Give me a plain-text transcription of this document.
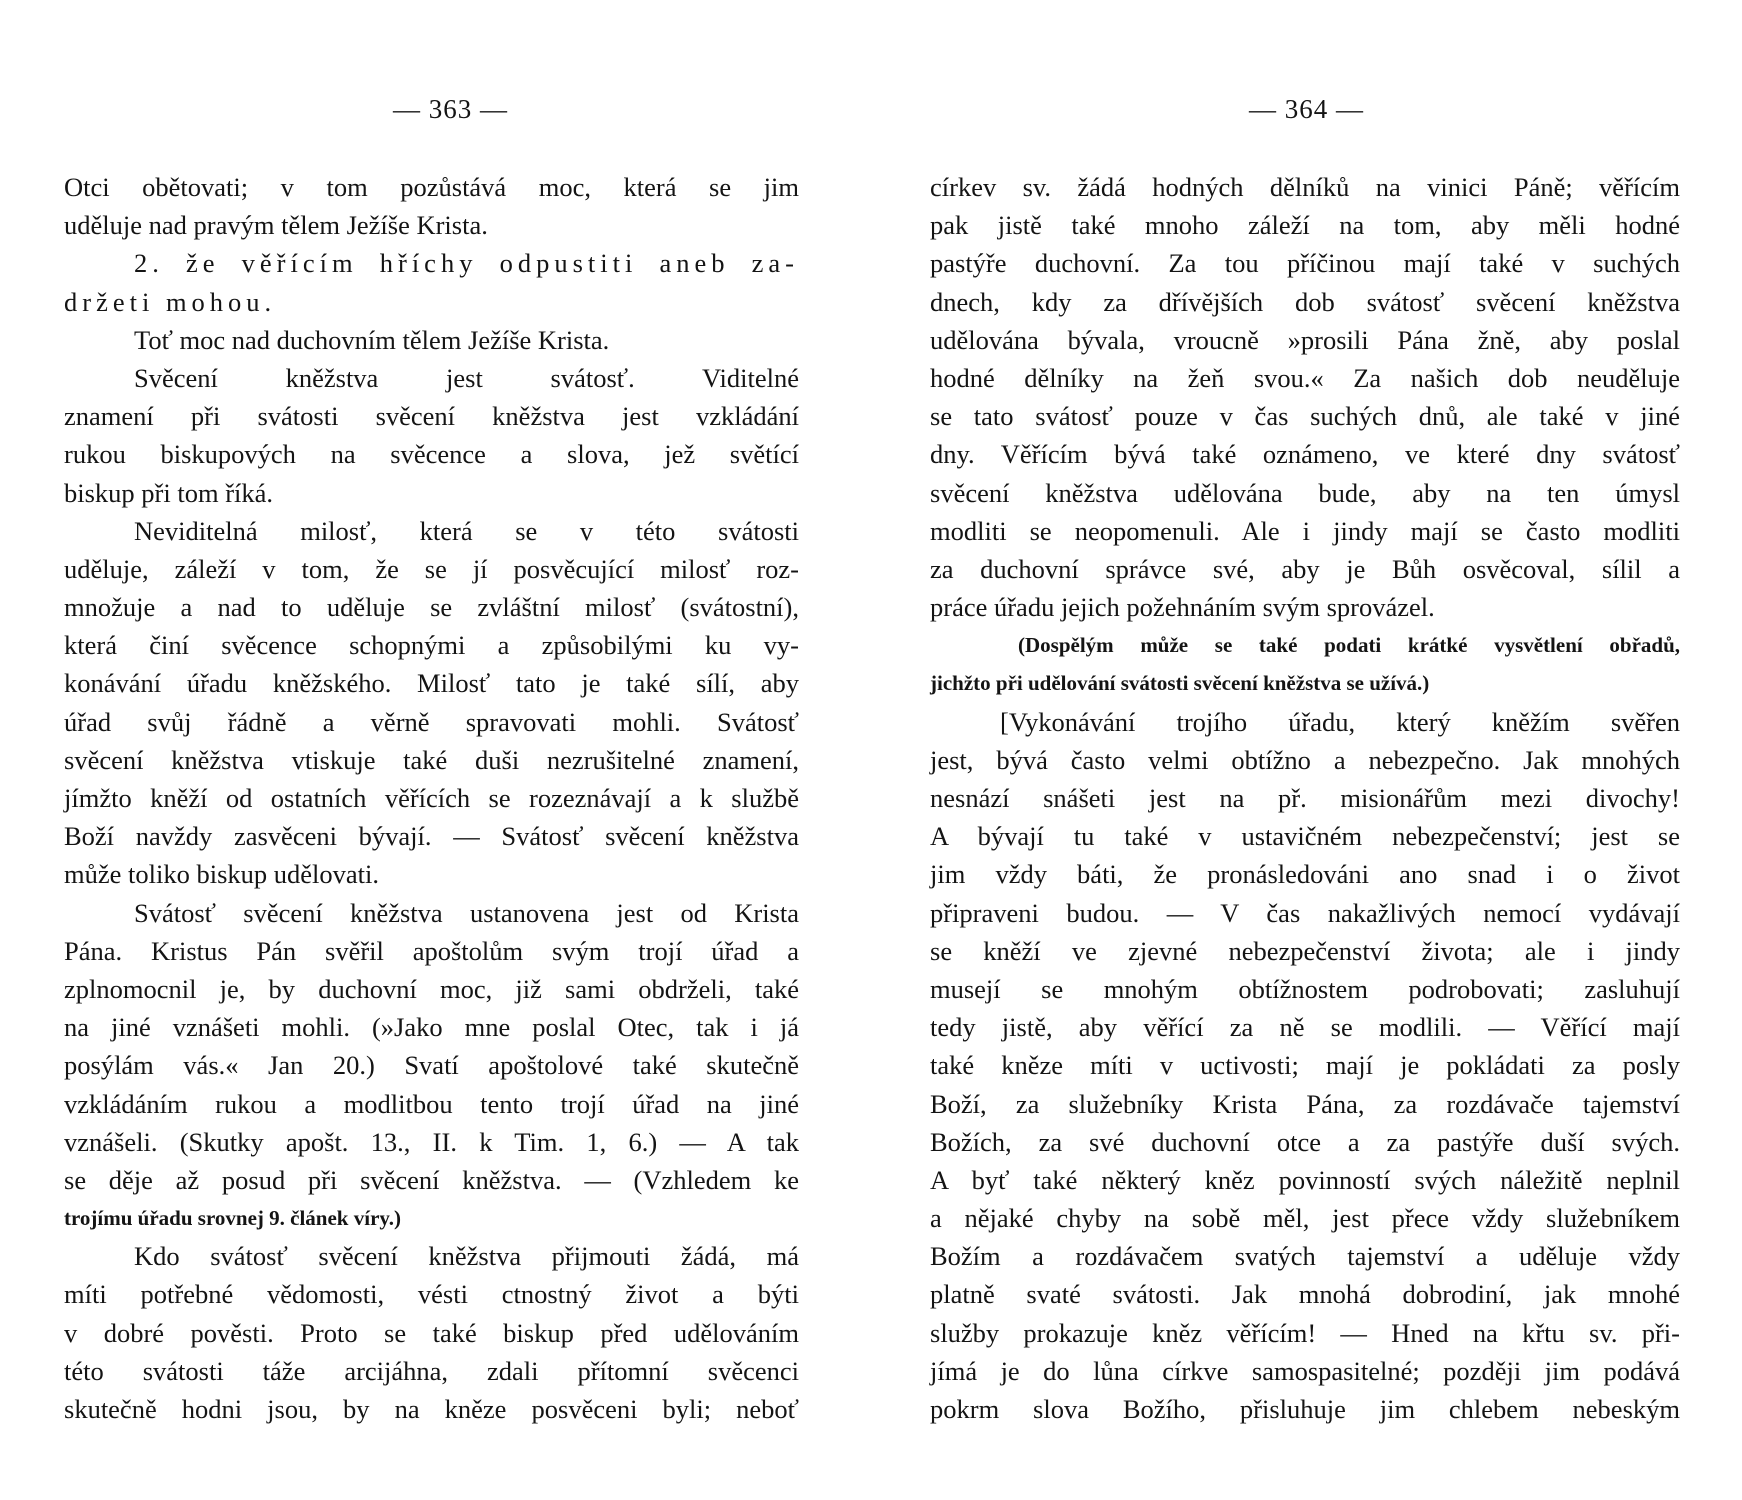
— 363 —
Otci obětovati; v tom pozůstává moc, která se jim
uděluje nad pravým tělem Ježíše Krista.
2. že věřícím hříchy odpustiti aneb za-
držeti mohou.
Toť moc nad duchovním tělem Ježíše Krista.
Svěcení kněžstva jest svátosť. Viditelné
znamení při svátosti svěcení kněžstva jest vzkládání
rukou biskupových na svěcence a slova, jež světící
biskup při tom říká.
Neviditelná milosť, která se v této svátosti
uděluje, záleží v tom, že se jí posvěcující milosť roz-
množuje a nad to uděluje se zvláštní milosť (svátostní),
která činí svěcence schopnými a způsobilými ku vy-
konávání úřadu kněžského. Milosť tato je také sílí, aby
úřad svůj řádně a věrně spravovati mohli. Svátosť
svěcení kněžstva vtiskuje také duši nezrušitelné znamení,
jímžto kněží od ostatních věřících se rozeznávají a k službě
Boží navždy zasvěceni bývají. — Svátosť svěcení kněžstva
může toliko biskup udělovati.
Svátosť svěcení kněžstva ustanovena jest od Krista
Pána. Kristus Pán svěřil apoštolům svým trojí úřad a
zplnomocnil je, by duchovní moc, již sami obdrželi, také
na jiné vznášeti mohli. (»Jako mne poslal Otec, tak i já
posýlám vás.« Jan 20.) Svatí apoštolové také skutečně
vzkládáním rukou a modlitbou tento trojí úřad na jiné
vznášeli. (Skutky apošt. 13., II. k Tim. 1, 6.) — A tak
se děje až posud při svěcení kněžstva. — (Vzhledem ke
trojímu úřadu srovnej 9. článek víry.)
Kdo svátosť svěcení kněžstva přijmouti žádá, má
míti potřebné vědomosti, vésti ctnostný život a býti
v dobré pověsti. Proto se také biskup před udělováním
této svátosti táže arcijáhna, zdali přítomní svěcenci
skutečně hodni jsou, by na kněze posvěceni byli; neboť
— 364 —
církev sv. žádá hodných dělníků na vinici Páně; věřícím
pak jistě také mnoho záleží na tom, aby měli hodné
pastýře duchovní. Za tou příčinou mají také v suchých
dnech, kdy za dřívějších dob svátosť svěcení kněžstva
udělována bývala, vroucně »prosili Pána žně, aby poslal
hodné dělníky na žeň svou.« Za našich dob neuděluje
se tato svátosť pouze v čas suchých dnů, ale také v jiné
dny. Věřícím bývá také oznámeno, ve které dny svátosť
svěcení kněžstva udělována bude, aby na ten úmysl
modliti se neopomenuli. Ale i jindy mají se často modliti
za duchovní správce své, aby je Bůh osvěcoval, sílil a
práce úřadu jejich požehnáním svým sprovázel.
(Dospělým může se také podati krátké vysvětlení obřadů,
jichžto při udělování svátosti svěcení kněžstva se užívá.)
[Vykonávání trojího úřadu, který kněžím svěřen
jest, bývá často velmi obtížno a nebezpečno. Jak mnohých
nesnází snášeti jest na př. misionářům mezi divochy!
A bývají tu také v ustavičném nebezpečenství; jest se
jim vždy báti, že pronásledováni ano snad i o život
připraveni budou. — V čas nakažlivých nemocí vydávají
se kněží ve zjevné nebezpečenství života; ale i jindy
musejí se mnohým obtížnostem podrobovati; zasluhují
tedy jistě, aby věřící za ně se modlili. — Věřící mají
také kněze míti v uctivosti; mají je pokládati za posly
Boží, za služebníky Krista Pána, za rozdávače tajemství
Božích, za své duchovní otce a za pastýře duší svých.
A byť také některý kněz povinností svých náležitě neplnil
a nějaké chyby na sobě měl, jest přece vždy služebníkem
Božím a rozdávačem svatých tajemství a uděluje vždy
platně svaté svátosti. Jak mnohá dobrodiní, jak mnohé
služby prokazuje kněz věřícím! — Hned na křtu sv. při-
jímá je do lůna církve samospasitelné; později jim podává
pokrm slova Božího, přisluhuje jim chlebem nebeským
